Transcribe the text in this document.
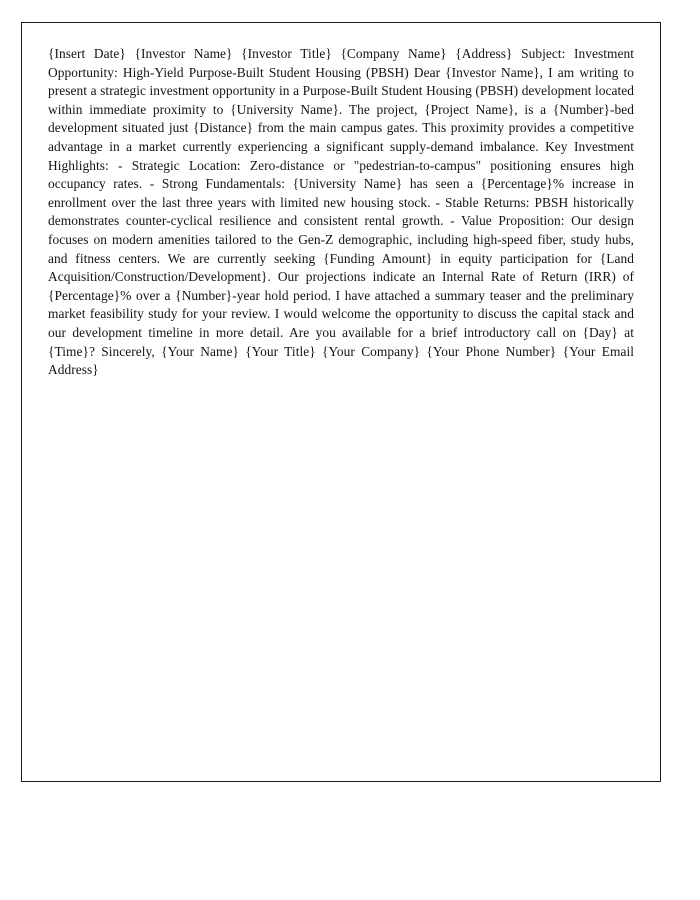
{Insert Date} {Investor Name} {Investor Title} {Company Name} {Address} Subject: Investment Opportunity: High-Yield Purpose-Built Student Housing (PBSH) Dear {Investor Name}, I am writing to present a strategic investment opportunity in a Purpose-Built Student Housing (PBSH) development located within immediate proximity to {University Name}. The project, {Project Name}, is a {Number}-bed development situated just {Distance} from the main campus gates. This proximity provides a competitive advantage in a market currently experiencing a significant supply-demand imbalance. Key Investment Highlights: - Strategic Location: Zero-distance or "pedestrian-to-campus" positioning ensures high occupancy rates. - Strong Fundamentals: {University Name} has seen a {Percentage}% increase in enrollment over the last three years with limited new housing stock. - Stable Returns: PBSH historically demonstrates counter-cyclical resilience and consistent rental growth. - Value Proposition: Our design focuses on modern amenities tailored to the Gen-Z demographic, including high-speed fiber, study hubs, and fitness centers. We are currently seeking {Funding Amount} in equity participation for {Land Acquisition/Construction/Development}. Our projections indicate an Internal Rate of Return (IRR) of {Percentage}% over a {Number}-year hold period. I have attached a summary teaser and the preliminary market feasibility study for your review. I would welcome the opportunity to discuss the capital stack and our development timeline in more detail. Are you available for a brief introductory call on {Day} at {Time}? Sincerely, {Your Name} {Your Title} {Your Company} {Your Phone Number} {Your Email Address}
